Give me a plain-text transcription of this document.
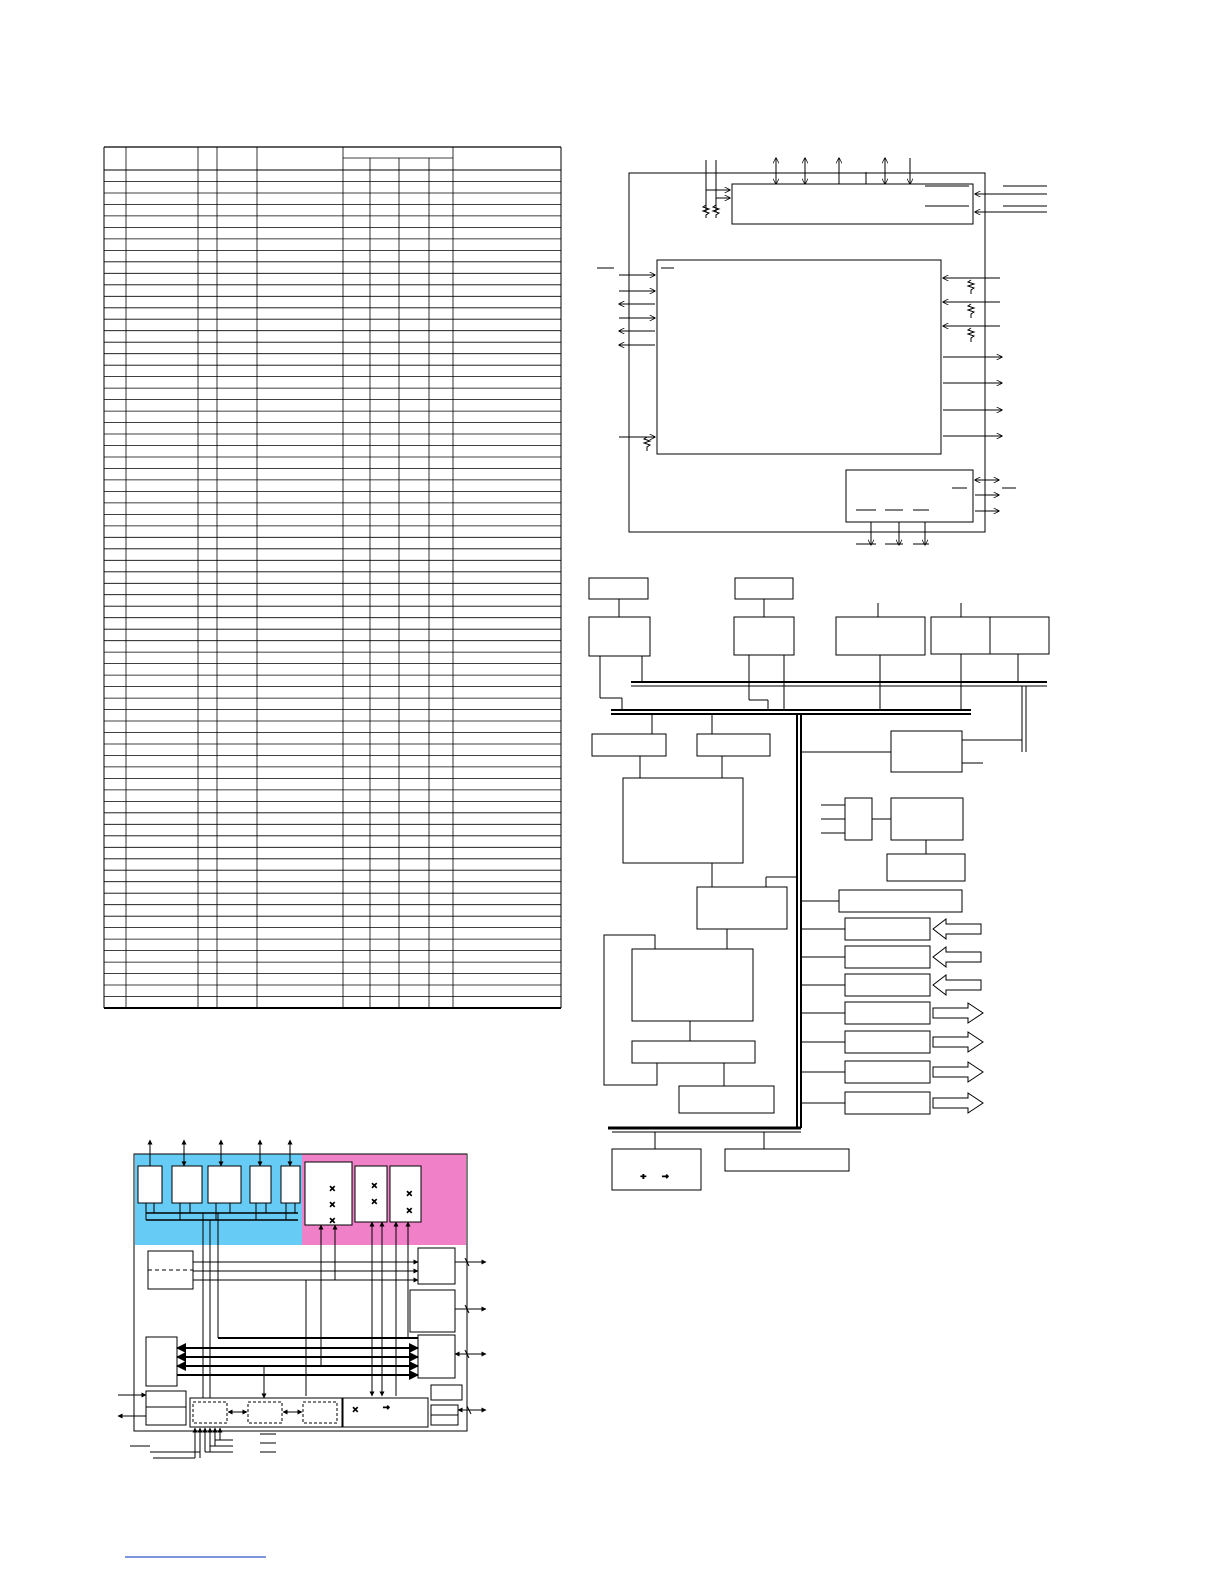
÷ →
×
×
×
×
×
×
×
×	→
